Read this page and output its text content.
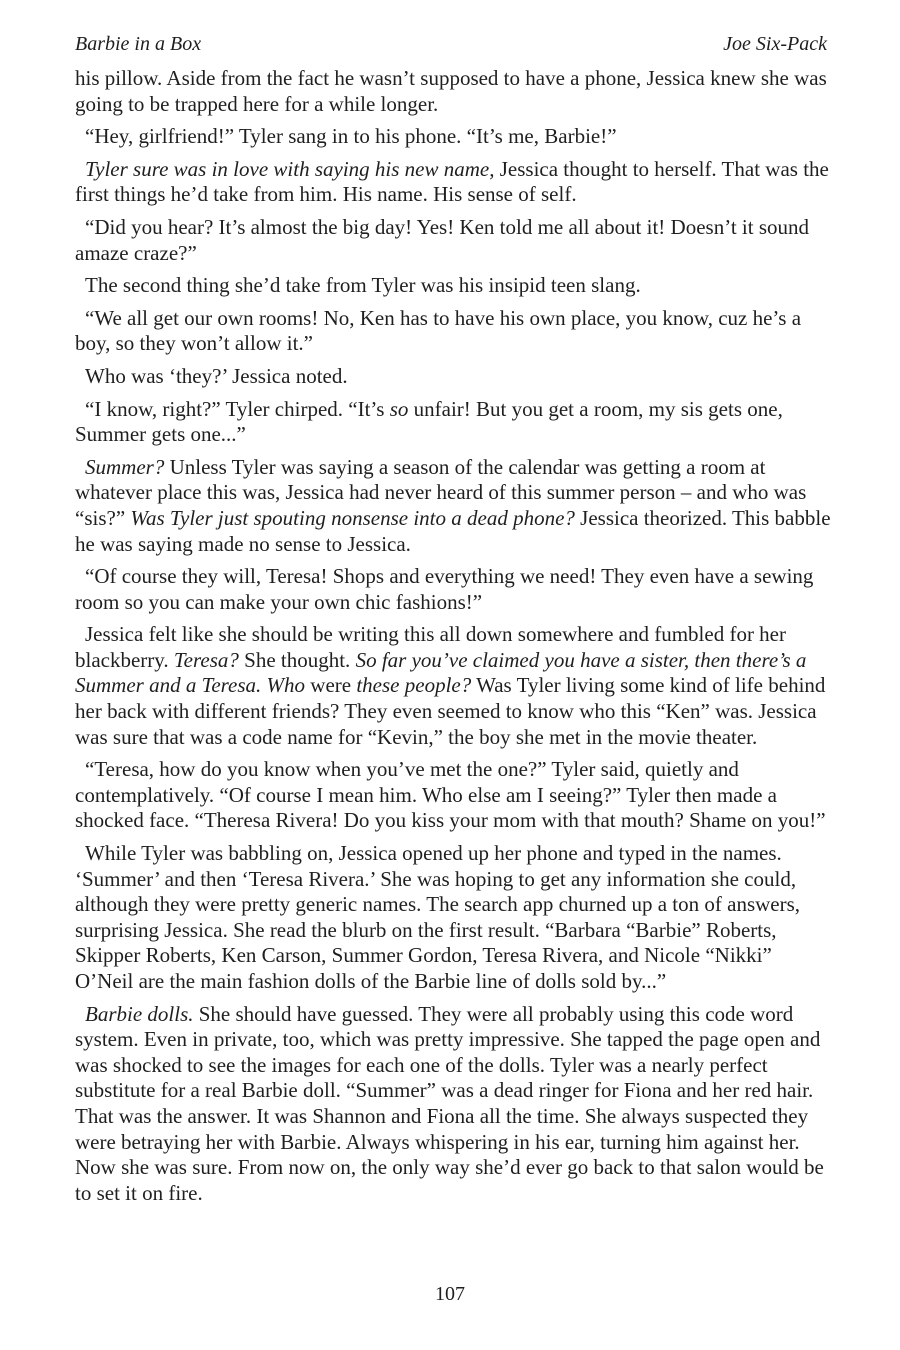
Barbie in a Box	Joe Six-Pack

his pillow. Aside from the fact he wasn’t supposed to have a phone, Jessica knew she was going to be trapped here for a while longer.

“Hey, girlfriend!” Tyler sang in to his phone. “It’s me, Barbie!”

Tyler sure was in love with saying his new name, Jessica thought to herself. That was the first things he’d take from him. His name. His sense of self.

“Did you hear? It’s almost the big day! Yes! Ken told me all about it! Doesn’t it sound amaze craze?”

The second thing she’d take from Tyler was his insipid teen slang.

“We all get our own rooms! No, Ken has to have his own place, you know, cuz he’s a boy, so they won’t allow it.”

Who was ‘they?’ Jessica noted.

“I know, right?” Tyler chirped. “It’s so unfair! But you get a room, my sis gets one, Summer gets one...”

Summer? Unless Tyler was saying a season of the calendar was getting a room at whatever place this was, Jessica had never heard of this summer person – and who was “sis?” Was Tyler just spouting nonsense into a dead phone? Jessica theorized. This babble he was saying made no sense to Jessica.

“Of course they will, Teresa! Shops and everything we need! They even have a sewing room so you can make your own chic fashions!”

Jessica felt like she should be writing this all down somewhere and fumbled for her blackberry. Teresa? She thought. So far you’ve claimed you have a sister, then there’s a Summer and a Teresa. Who were these people? Was Tyler living some kind of life behind her back with different friends? They even seemed to know who this “Ken” was. Jessica was sure that was a code name for “Kevin,” the boy she met in the movie theater.

“Teresa, how do you know when you’ve met the one?” Tyler said, quietly and contemplatively. “Of course I mean him. Who else am I seeing?” Tyler then made a shocked face. “Theresa Rivera! Do you kiss your mom with that mouth? Shame on you!”

While Tyler was babbling on, Jessica opened up her phone and typed in the names. ‘Summer’ and then ‘Teresa Rivera.’ She was hoping to get any information she could, although they were pretty generic names. The search app churned up a ton of answers, surprising Jessica. She read the blurb on the first result. “Barbara “Barbie” Roberts, Skipper Roberts, Ken Carson, Summer Gordon, Teresa Rivera, and Nicole “Nikki” O’Neil are the main fashion dolls of the Barbie line of dolls sold by...”

Barbie dolls. She should have guessed. They were all probably using this code word system. Even in private, too, which was pretty impressive. She tapped the page open and was shocked to see the images for each one of the dolls. Tyler was a nearly perfect substitute for a real Barbie doll. “Summer” was a dead ringer for Fiona and her red hair. That was the answer. It was Shannon and Fiona all the time. She always suspected they were betraying her with Barbie. Always whispering in his ear, turning him against her. Now she was sure. From now on, the only way she’d ever go back to that salon would be to set it on fire.

107
